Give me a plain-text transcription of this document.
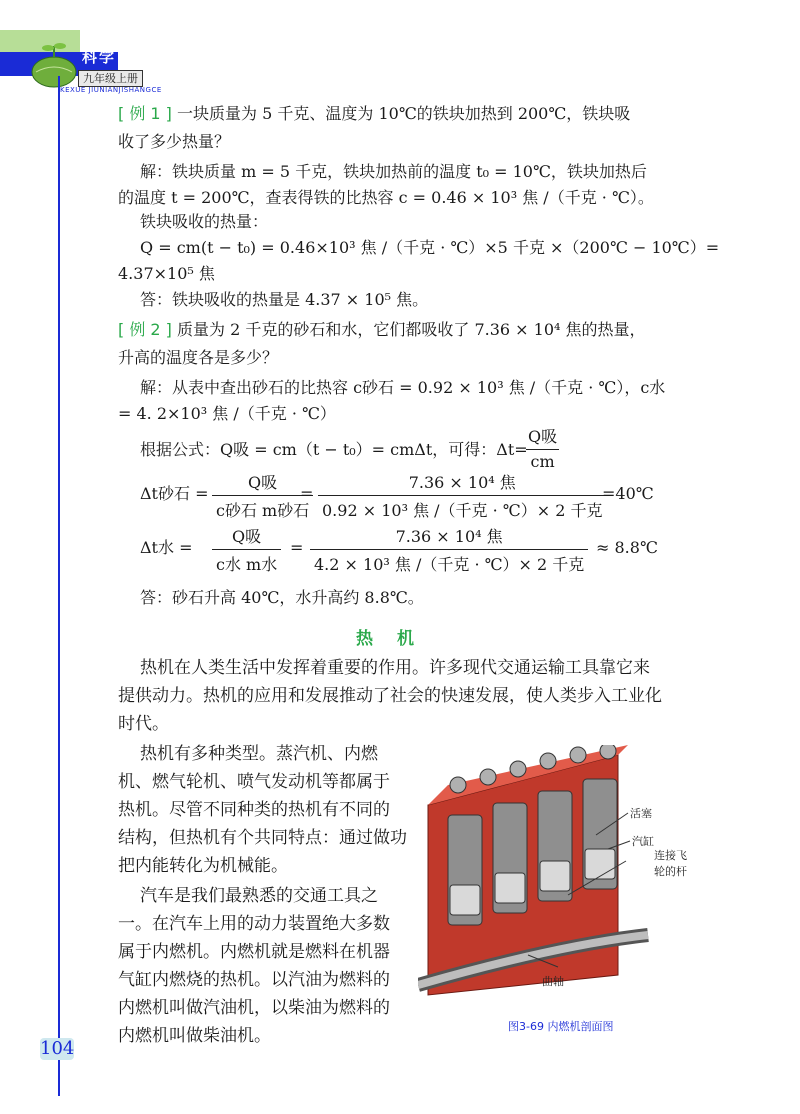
科学
九年级上册
KEXUE JIUNIANJISHANGCE
[ 例 1 ] 一块质量为 5 千克、温度为 10℃的铁块加热到 200℃，铁块吸
收了多少热量？
解：铁块质量 m = 5 千克，铁块加热前的温度 t₀ = 10℃，铁块加热后
的温度 t = 200℃，查表得铁的比热容 c = 0.46 × 10³ 焦 /（千克 · ℃）。
铁块吸收的热量：
Q = cm(t − t₀) = 0.46×10³ 焦 /（千克 · ℃）×5 千克 ×（200℃ − 10℃）=
4.37×10⁵ 焦
答：铁块吸收的热量是 4.37 × 10⁵ 焦。
[ 例 2 ] 质量为 2 千克的砂石和水，它们都吸收了 7.36 × 10⁴ 焦的热量，
升高的温度各是多少？
解：从表中查出砂石的比热容 c砂石 = 0.92 × 10³ 焦 /（千克 · ℃），c水
= 4. 2×10³ 焦 /（千克 · ℃）
根据公式：Q吸 = cm（t − t₀）= cmΔt，可得：Δt=
Q吸
cm
Δt砂石 =
Q吸
c砂石 m砂石
=
7.36 × 10⁴ 焦
0.92 × 10³ 焦 /（千克 · ℃）× 2 千克
=40℃
Δt水 =
Q吸
c水 m水
=
7.36 × 10⁴ 焦
4.2 × 10³ 焦 /（千克 · ℃）× 2 千克
≈ 8.8℃
答：砂石升高 40℃，水升高约 8.8℃。
热机
热机在人类生活中发挥着重要的作用。许多现代交通运输工具靠它来
提供动力。热机的应用和发展推动了社会的快速发展，使人类步入工业化
时代。
热机有多种类型。蒸汽机、内燃
机、燃气轮机、喷气发动机等都属于
热机。尽管不同种类的热机有不同的
结构，但热机有个共同特点：通过做功
把内能转化为机械能。
汽车是我们最熟悉的交通工具之
一。在汽车上用的动力装置绝大多数
属于内燃机。内燃机就是燃料在机器
气缸内燃烧的热机。以汽油为燃料的
内燃机叫做汽油机，以柴油为燃料的
内燃机叫做柴油机。
活塞
汽缸
连接飞
轮的杆
曲轴
图3-69 内燃机剖面图
104
